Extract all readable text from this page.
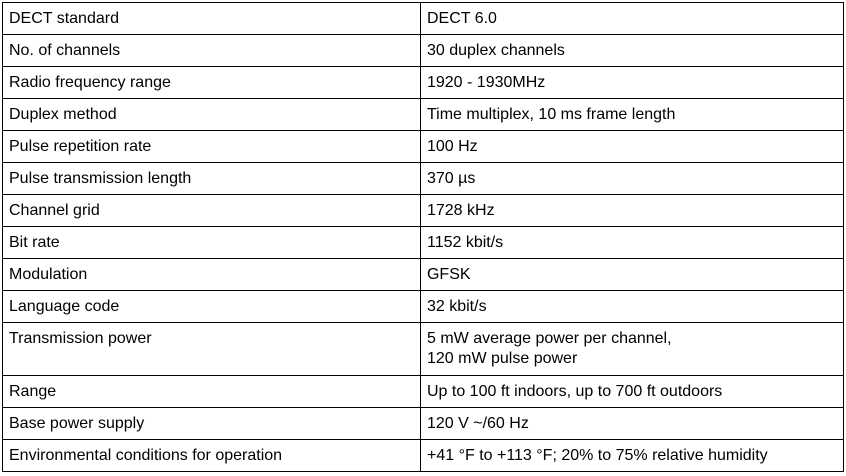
DECT standard	DECT 6.0

No. of channels	30 duplex channels

Radio frequency range	1920 - 1930MHz

Duplex method	Time multiplex, 10 ms frame length

Pulse repetition rate	100 Hz

Pulse transmission length	370 µs

Channel grid	1728 kHz

Bit rate	1152 kbit/s

Modulation	GFSK

Language code	32 kbit/s

Transmission power	5 mW average power per channel,
120 mW pulse power

Range	Up to 100 ft indoors, up to 700 ft outdoors

Base power supply	120 V ~/60 Hz

Environmental conditions for operation	+41 °F to +113 °F; 20% to 75% relative humidity
